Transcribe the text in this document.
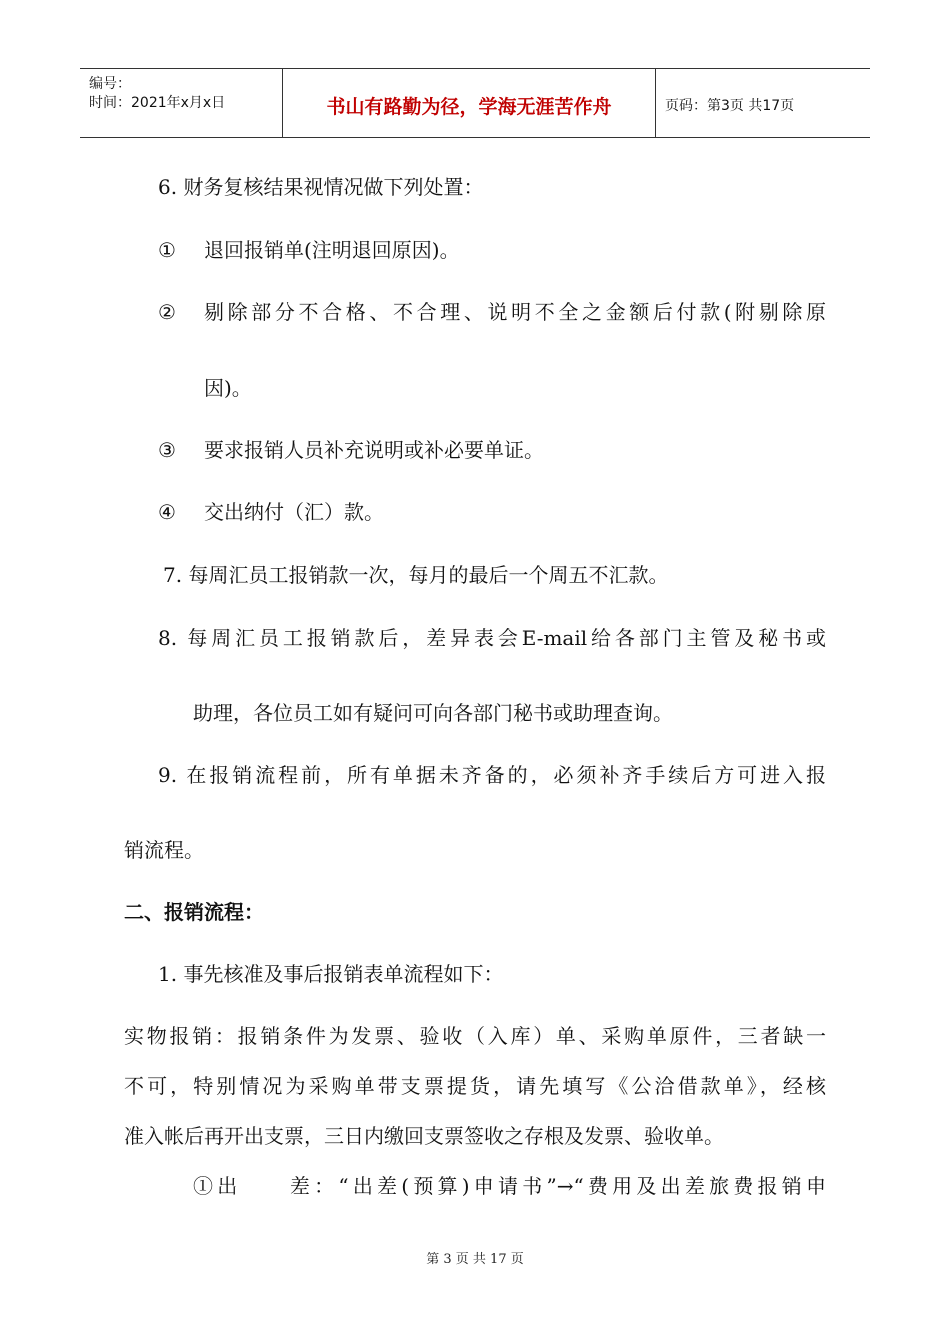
编号：
时间：2021年x月x日	书山有路勤为径，学海无涯苦作舟	页码：第3页 共17页
6. 财务复核结果视情况做下列处置：
① 退回报销单(注明退回原因)。
② 剔除部分不合格、不合理、说明不全之金额后付款(附剔除原
因)。
③ 要求报销人员补充说明或补必要单证。
④ 交出纳付（汇）款。
7. 每周汇员工报销款一次，每月的最后一个周五不汇款。
8. 每周汇员工报销款后，差异表会E-mail给各部门主管及秘书或
助理，各位员工如有疑问可向各部门秘书或助理查询。
9. 在报销流程前，所有单据未齐备的，必须补齐手续后方可进入报
销流程。
二、报销流程：
1. 事先核准及事后报销表单流程如下：
实物报销：报销条件为发票、验收（入库）单、采购单原件，三者缺一
不可，特别情况为采购单带支票提货，请先填写《公洽借款单》，经核
准入帐后再开出支票，三日内缴回支票签收之存根及发票、验收单。
①出　　差：“出差(预算)申请书”→“费用及出差旅费报销申
第 3 页 共 17 页
